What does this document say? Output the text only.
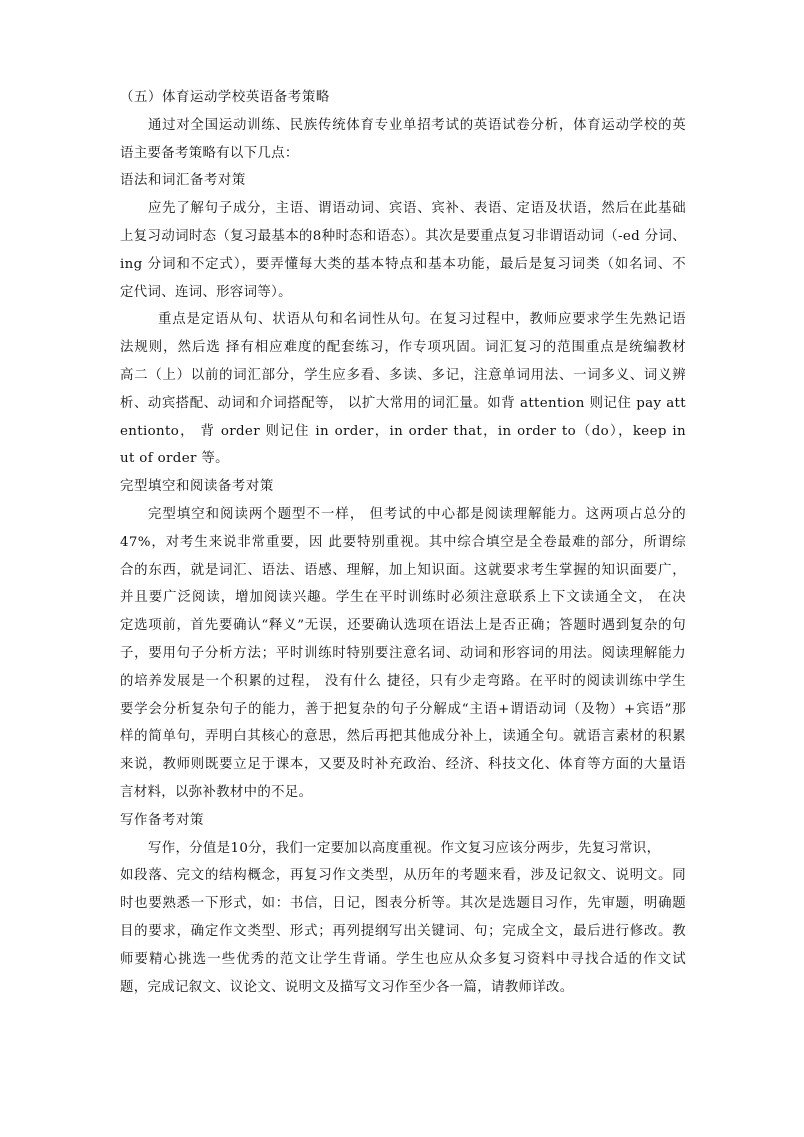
（五）体育运动学校英语备考策略
通过对全国运动训练、民族传统体育专业单招考试的英语试卷分析，体育运动学校的英
语主要备考策略有以下几点：
语法和词汇备考对策
应先了解句子成分，主语、谓语动词、宾语、宾补、表语、定语及状语，然后在此基础
上复习动词时态（复习最基本的8种时态和语态）。其次是要重点复习非谓语动词（-ed 分词、
ing 分词和不定式），要弄懂每大类的基本特点和基本功能，最后是复习词类（如名词、不
定代词、连词、形容词等）。
重点是定语从句、状语从句和名词性从句。在复习过程中，教师应要求学生先熟记语
法规则，然后选 择有相应难度的配套练习，作专项巩固。词汇复习的范围重点是统编教材
高二（上）以前的词汇部分，学生应多看、多读、多记，注意单词用法、一词多义、词义辨
析、动宾搭配、动词和介词搭配等， 以扩大常用的词汇量。如背 attention 则记住 pay att
entionto， 背 order 则记住 in order，in order that，in order to（do），keep in
ut of order 等。
完型填空和阅读备考对策
完型填空和阅读两个题型不一样， 但考试的中心都是阅读理解能力。这两项占总分的
47%，对考生来说非常重要，因 此要特别重视。其中综合填空是全卷最难的部分，所谓综
合的东西，就是词汇、语法、语感、理解，加上知识面。这就要求考生掌握的知识面要广，
并且要广泛阅读，增加阅读兴趣。学生在平时训练时必须注意联系上下文读通全文， 在决
定选项前，首先要确认“释义”无误，还要确认选项在语法上是否正确；答题时遇到复杂的句
子，要用句子分析方法；平时训练时特别要注意名词、动词和形容词的用法。阅读理解能力
的培养发展是一个积累的过程， 没有什么 捷径，只有少走弯路。在平时的阅读训练中学生
要学会分析复杂句子的能力，善于把复杂的句子分解成“主语+谓语动词（及物）+宾语”那
样的简单句，弄明白其核心的意思，然后再把其他成分补上，读通全句。就语言素材的积累
来说，教师则既要立足于课本，又要及时补充政治、经济、科技文化、体育等方面的大量语
言材料，以弥补教材中的不足。
写作备考对策
写作，分值是10分，我们一定要加以高度重视。作文复习应该分两步，先复习常识，
如段落、完文的结构概念，再复习作文类型，从历年的考题来看，涉及记叙文、说明文。同
时也要熟悉一下形式，如：书信，日记，图表分析等。其次是选题目习作，先审题，明确题
目的要求，确定作文类型、形式；再列提纲写出关键词、句；完成全文，最后进行修改。教
师要精心挑选一些优秀的范文让学生背诵。学生也应从众多复习资料中寻找合适的作文试
题，完成记叙文、议论文、说明文及描写文习作至少各一篇，请教师详改。
